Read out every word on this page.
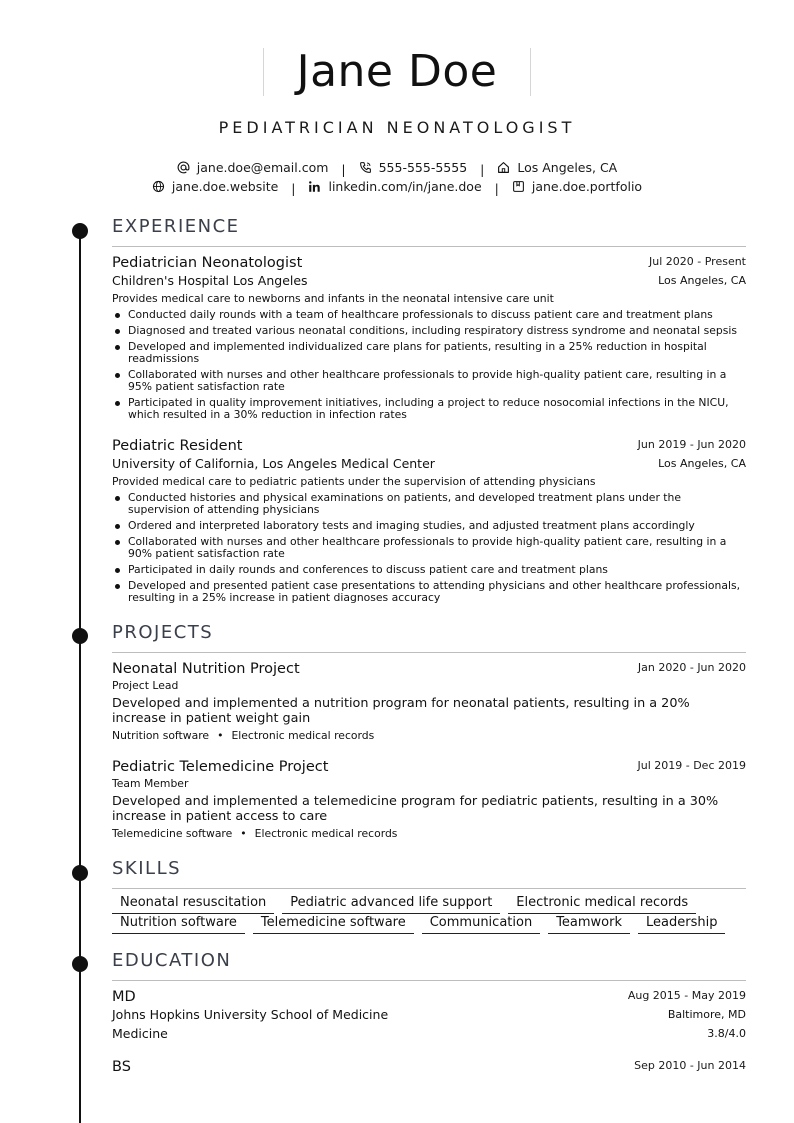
Jane Doe
PEDIATRICIAN NEONATOLOGIST
jane.doe@email.com |	555-555-5555 |	Los Angeles, CA
jane.doe.website |	linkedin.com/in/jane.doe |	jane.doe.portfolio
EXPERIENCE
Pediatrician Neonatologist	Jul 2020 - Present
Children's Hospital Los Angeles	Los Angeles, CA
Provides medical care to newborns and infants in the neonatal intensive care unit
Conducted daily rounds with a team of healthcare professionals to discuss patient care and treatment plans
Diagnosed and treated various neonatal conditions, including respiratory distress syndrome and neonatal sepsis
Developed and implemented individualized care plans for patients, resulting in a 25% reduction in hospital readmissions
Collaborated with nurses and other healthcare professionals to provide high-quality patient care, resulting in a 95% patient satisfaction rate
Participated in quality improvement initiatives, including a project to reduce nosocomial infections in the NICU, which resulted in a 30% reduction in infection rates
Pediatric Resident	Jun 2019 - Jun 2020
University of California, Los Angeles Medical Center	Los Angeles, CA
Provided medical care to pediatric patients under the supervision of attending physicians
Conducted histories and physical examinations on patients, and developed treatment plans under the supervision of attending physicians
Ordered and interpreted laboratory tests and imaging studies, and adjusted treatment plans accordingly
Collaborated with nurses and other healthcare professionals to provide high-quality patient care, resulting in a 90% patient satisfaction rate
Participated in daily rounds and conferences to discuss patient care and treatment plans
Developed and presented patient case presentations to attending physicians and other healthcare professionals, resulting in a 25% increase in patient diagnoses accuracy
PROJECTS
Neonatal Nutrition Project	Jan 2020 - Jun 2020
Project Lead
Developed and implemented a nutrition program for neonatal patients, resulting in a 20% increase in patient weight gain
Nutrition software • Electronic medical records
Pediatric Telemedicine Project	Jul 2019 - Dec 2019
Team Member
Developed and implemented a telemedicine program for pediatric patients, resulting in a 30% increase in patient access to care
Telemedicine software • Electronic medical records
SKILLS
Neonatal resuscitation	Pediatric advanced life support	Electronic medical records
Nutrition software	Telemedicine software	Communication	Teamwork	Leadership
EDUCATION
MD	Aug 2015 - May 2019
Johns Hopkins University School of Medicine	Baltimore, MD
Medicine	3.8/4.0
BS	Sep 2010 - Jun 2014
